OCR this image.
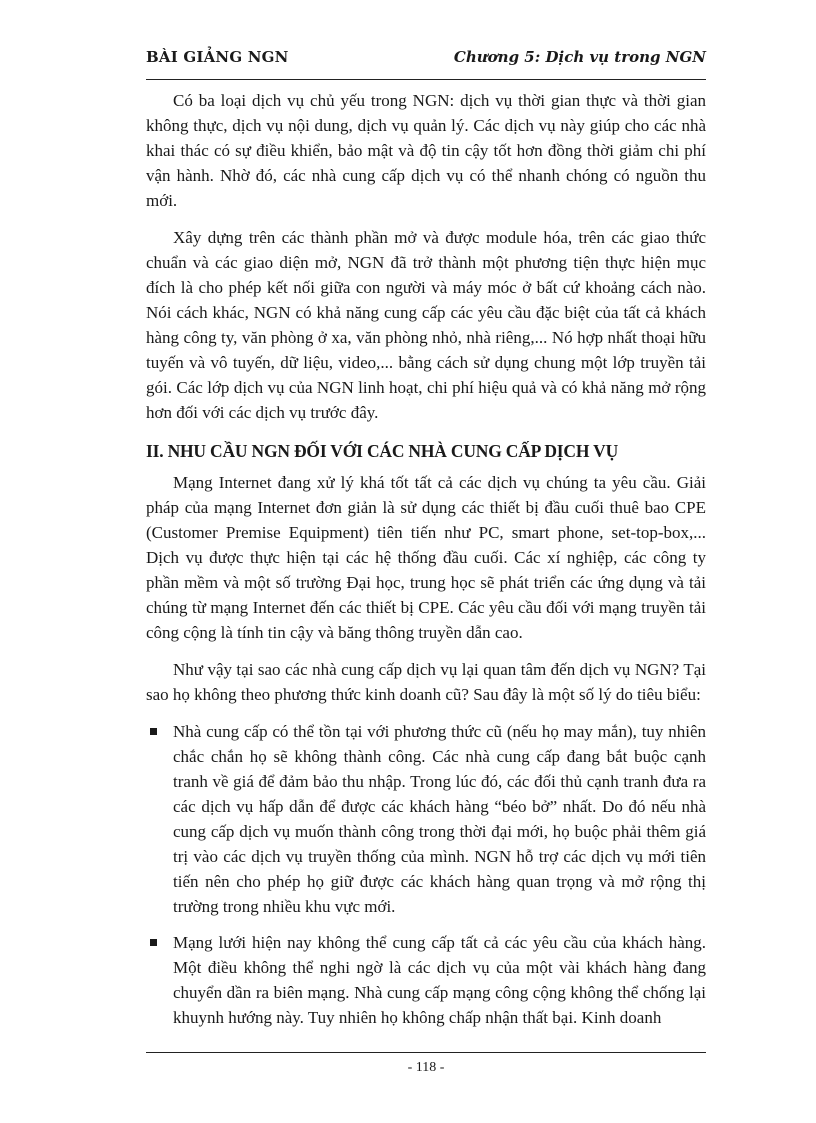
BÀI GIẢNG NGN	Chương 5: Dịch vụ trong NGN

Có ba loại dịch vụ chủ yếu trong NGN: dịch vụ thời gian thực và thời gian không thực, dịch vụ nội dung, dịch vụ quản lý. Các dịch vụ này giúp cho các nhà khai thác có sự điều khiển, bảo mật và độ tin cậy tốt hơn đồng thời giảm chi phí vận hành. Nhờ đó, các nhà cung cấp dịch vụ có thể nhanh chóng có nguồn thu mới.

Xây dựng trên các thành phần mở và được module hóa, trên các giao thức chuẩn và các giao diện mở, NGN đã trở thành một phương tiện thực hiện mục đích là cho phép kết nối giữa con người và máy móc ở bất cứ khoảng cách nào. Nói cách khác, NGN có khả năng cung cấp các yêu cầu đặc biệt của tất cả khách hàng công ty, văn phòng ở xa, văn phòng nhỏ, nhà riêng,... Nó hợp nhất thoại hữu tuyến và vô tuyến, dữ liệu, video,... bằng cách sử dụng chung một lớp truyền tải gói. Các lớp dịch vụ của NGN linh hoạt, chi phí hiệu quả và có khả năng mở rộng hơn đối với các dịch vụ trước đây.

II. NHU CẦU NGN ĐỐI VỚI CÁC NHÀ CUNG CẤP DỊCH VỤ

Mạng Internet đang xử lý khá tốt tất cả các dịch vụ chúng ta yêu cầu. Giải pháp của mạng Internet đơn giản là sử dụng các thiết bị đầu cuối thuê bao CPE (Customer Premise Equipment) tiên tiến như PC, smart phone, set-top-box,... Dịch vụ được thực hiện tại các hệ thống đầu cuối. Các xí nghiệp, các công ty phần mềm và một số trường Đại học, trung học sẽ phát triển các ứng dụng và tải chúng từ mạng Internet đến các thiết bị CPE. Các yêu cầu đối với mạng truyền tải công cộng là tính tin cậy và băng thông truyền dẫn cao.

Như vậy tại sao các nhà cung cấp dịch vụ lại quan tâm đến dịch vụ NGN? Tại sao họ không theo phương thức kinh doanh cũ? Sau đây là một số lý do tiêu biểu:

Nhà cung cấp có thể tồn tại với phương thức cũ (nếu họ may mắn), tuy nhiên chắc chắn họ sẽ không thành công. Các nhà cung cấp đang bắt buộc cạnh tranh về giá để đảm bảo thu nhập. Trong lúc đó, các đối thủ cạnh tranh đưa ra các dịch vụ hấp dẫn để được các khách hàng “béo bở” nhất. Do đó nếu nhà cung cấp dịch vụ muốn thành công trong thời đại mới, họ buộc phải thêm giá trị vào các dịch vụ truyền thống của mình. NGN hỗ trợ các dịch vụ mới tiên tiến nên cho phép họ giữ được các khách hàng quan trọng và mở rộng thị trường trong nhiều khu vực mới.
Mạng lưới hiện nay không thể cung cấp tất cả các yêu cầu của khách hàng. Một điều không thể nghi ngờ là các dịch vụ của một vài khách hàng đang chuyển dần ra biên mạng. Nhà cung cấp mạng công cộng không thể chống lại khuynh hướng này. Tuy nhiên họ không chấp nhận thất bại. Kinh doanh
- 118 -
